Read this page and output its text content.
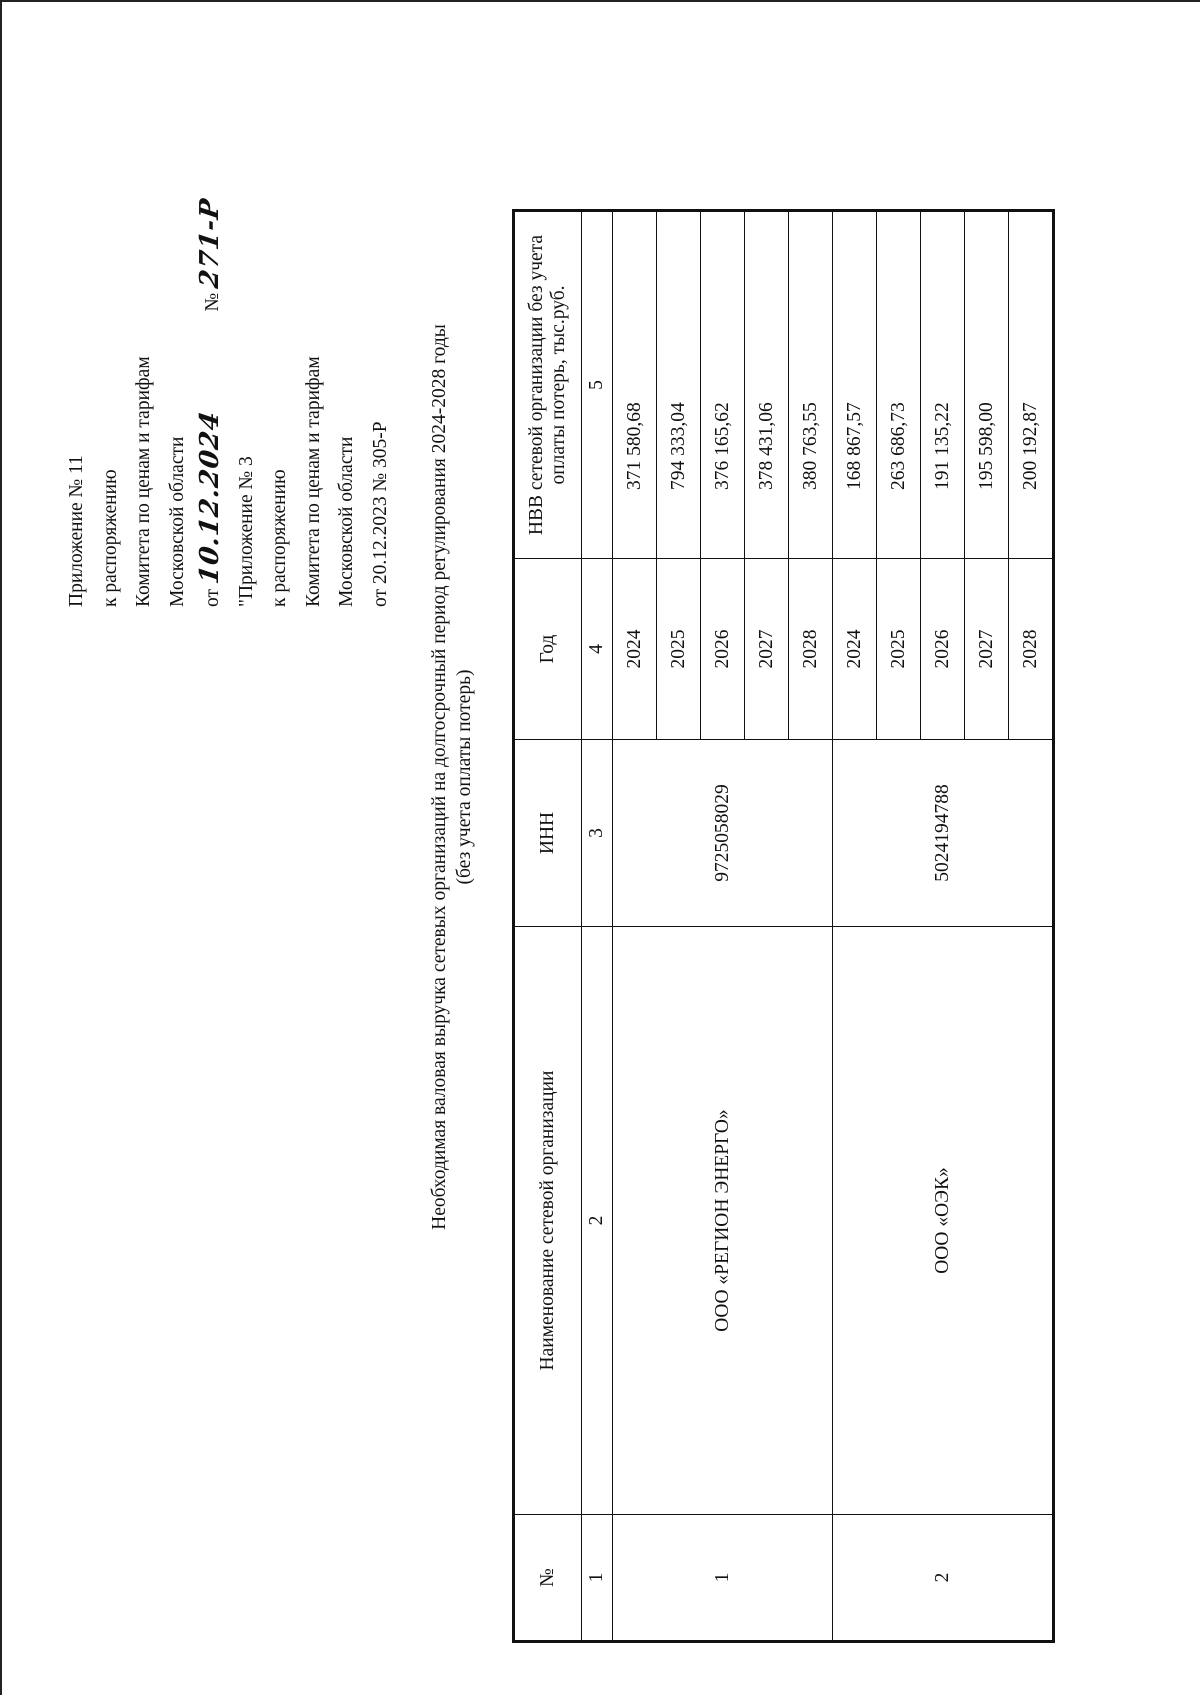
Приложение № 11 к распоряжению Комитета по ценам и тарифам Московской области от 10.12.2024  № 271-Р
"Приложение № 3 к распоряжению Комитета по ценам и тарифам Московской области от 20.12.2023 № 305-Р	Необходимая валовая выручка сетевых организаций на долгосрочный период регулирования 2024-2028 годы (без учета оплаты потерь)
№	Наименование сетевой организации	ИНН	Год	НВВ сетевой организации без учета оплаты потерь, тыс.руб.
1	2	3	4	5
1	ООО «РЕГИОН ЭНЕРГО»	9725058029	2024	371 580,68
			2025	794 333,04
			2026	376 165,62
			2027	378 431,06
			2028	380 763,55
2	ООО «ОЭК»	5024194788	2024	168 867,57
			2025	263 686,73
			2026	191 135,22
			2027	195 598,00
			2028	200 192,87
